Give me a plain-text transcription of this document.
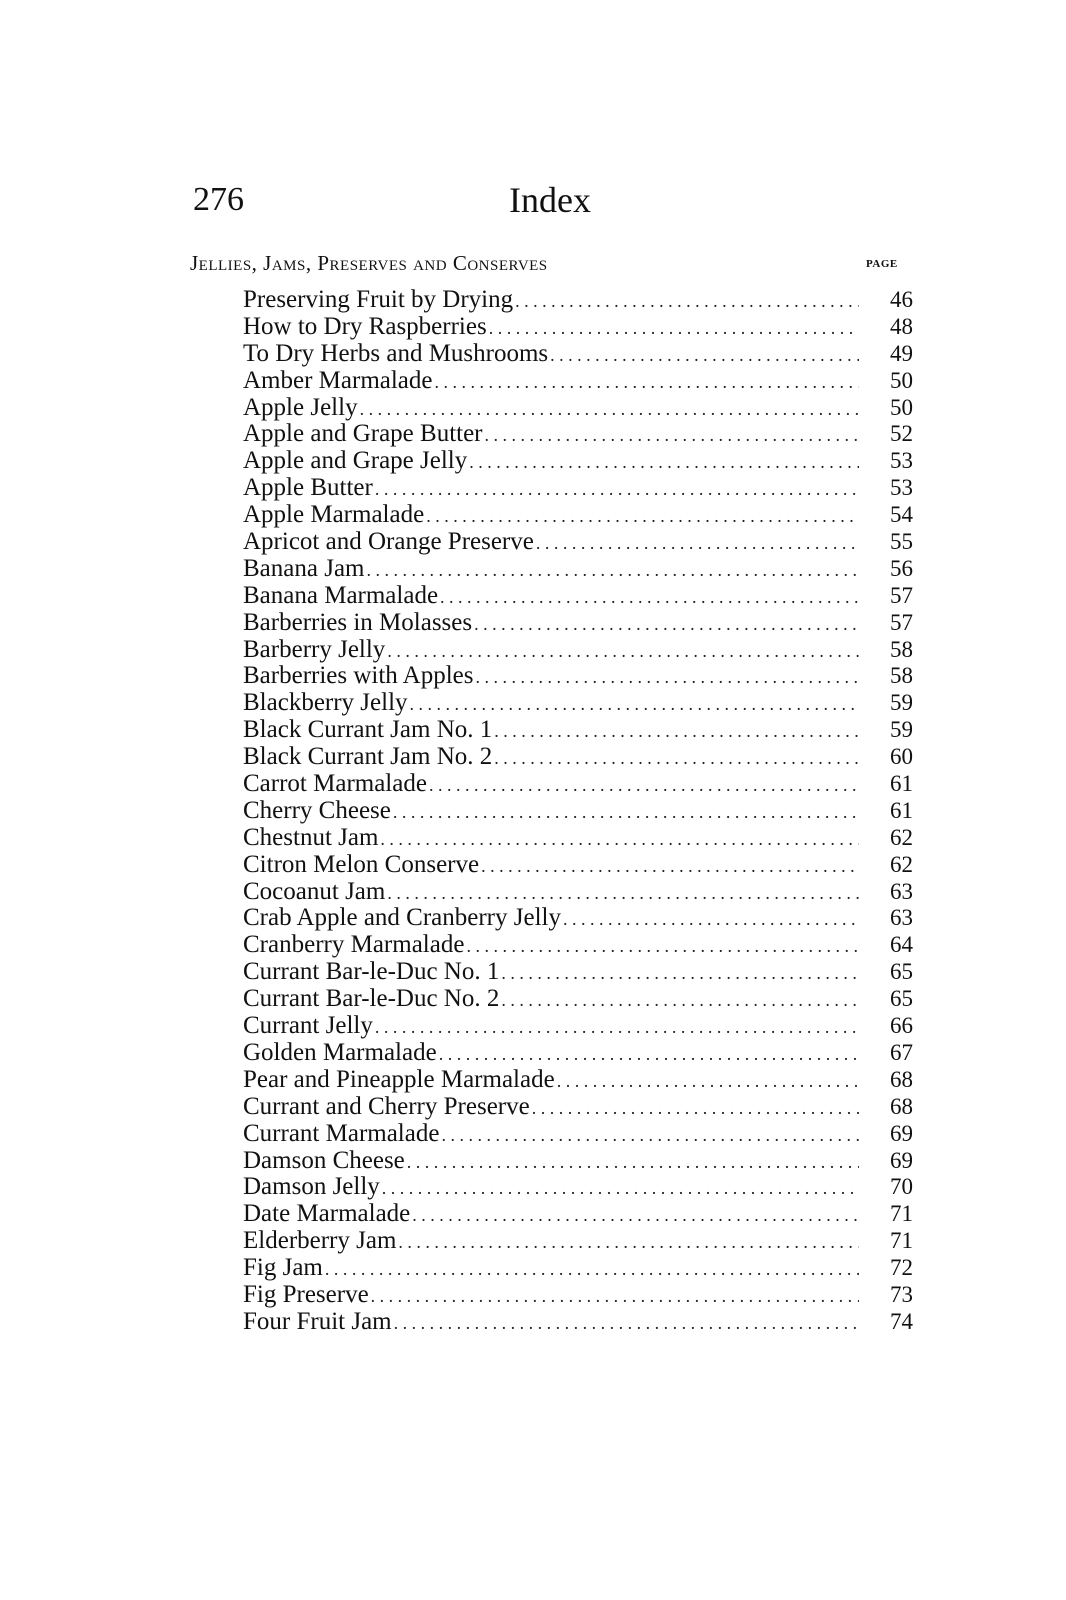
276	Index
Jellies, Jams, Preserves and Conserves	PAGE
Preserving Fruit by Drying . . .	46
How to Dry Raspberries . . .	48
To Dry Herbs and Mushrooms . . .	49
Amber Marmalade . . .	50
Apple Jelly . . .	50
Apple and Grape Butter . . .	52
Apple and Grape Jelly . . .	53
Apple Butter . . .	53
Apple Marmalade . . .	54
Apricot and Orange Preserve . . .	55
Banana Jam . . .	56
Banana Marmalade . . .	57
Barberries in Molasses . . .	57
Barberry Jelly . . .	58
Barberries with Apples . . .	58
Blackberry Jelly . . .	59
Black Currant Jam No. 1 . . .	59
Black Currant Jam No. 2 . . .	60
Carrot Marmalade . . .	61
Cherry Cheese . . .	61
Chestnut Jam . . .	62
Citron Melon Conserve . . .	62
Cocoanut Jam . . .	63
Crab Apple and Cranberry Jelly . . .	63
Cranberry Marmalade . . .	64
Currant Bar-le-Duc No. 1 . . .	65
Currant Bar-le-Duc No. 2 . . .	65
Currant Jelly . . .	66
Golden Marmalade . . .	67
Pear and Pineapple Marmalade . . .	68
Currant and Cherry Preserve . . .	68
Currant Marmalade . . .	69
Damson Cheese . . .	69
Damson Jelly . . .	70
Date Marmalade . . .	71
Elderberry Jam . . .	71
Fig Jam . . .	72
Fig Preserve . . .	73
Four Fruit Jam . . .	74
